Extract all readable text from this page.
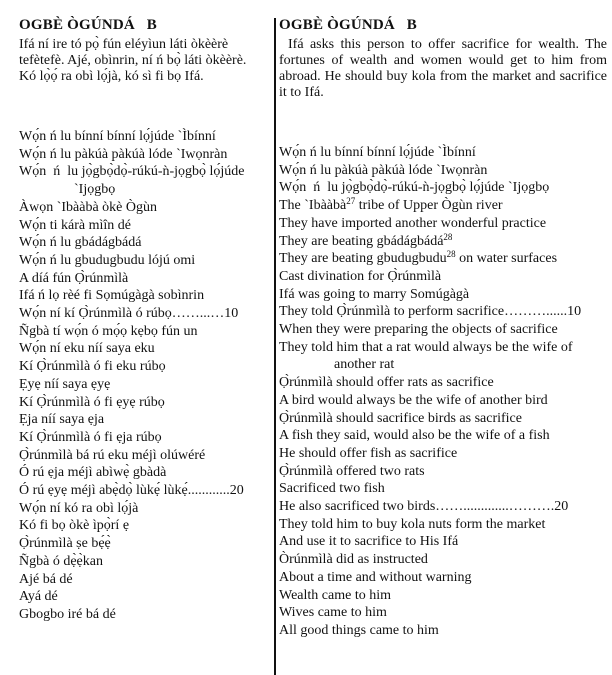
OGBÈ ÒGÚNDÁ   B
Ifá ní ire tó pọ̀ fún eléyìun láti òkèèrè
tefètefè. Ajé, obìnrin, ní ń bọ̀ láti òkèèrè.
Kó lọ̀ọ́ ra obì lọ́jà, kó sì fi bọ Ifá.
Wọ́n ń lu bínní bínní lọ́júde `Ìbínní
Wọ́n ń lu pàkúà pàkúà lóde `Iwọnràn
Wọ́n  ń  lu jọ̀gbọ̀dọ̀-rúkú-ǹ-jọgbọ̀ lọ́júde
`Ijọgbọ
Àwọn `Ibààbà òkè Ògùn
Wọ́n ti kárà mìîn dé
Wọ́n ń lu gbádágbádá
Wọ́n ń lu gbudugbudu lójú omi
A díá fún Ọ̀rúnmìlà
Ifá ń lọ rèé fi Sọmúgàgà sobìnrin
Wọ́n ní kí Ọ̀rúnmìlà ó rúbọ……...…10
Ñgbà tí wọ́n ó mọ́ọ kẹbọ fún un
Wọ́n ní eku níí saya eku
Kí Ọ̀rúnmìlà ó fi eku rúbọ
Ẹyẹ níí saya ẹyẹ
Kí Ọ̀rúnmìlà ó fi ẹyẹ rúbọ
Ẹja níí saya ẹja
Kí Ọ̀rúnmìlà ó fi ẹja rúbọ
Ọ̀rúnmìlà bá rú eku méjì olúwéré
Ó rú ẹja méjì abìwẹ̀ gbàdà
Ó rú ẹyẹ méjì abẹ̀dọ̀ lùkẹ́ lùkẹ́............20
Wọ́n ní kó ra obì lọ́jà
Kó fi bọ òkè ìpọ̀rí ẹ
Ọ̀rúnmìlà ṣe bẹ́ẹ̀
Ñgbà ó dẹ̀ẹ̀kan
Ajé bá dé
Ayá dé
Gbogbo iré bá dé
OGBÈ ÒGÚNDÁ   B
Ifá asks this person to offer sacrifice for wealth. The fortunes of wealth and women would get to him from abroad. He should buy kola from the market and sacrifice it to Ifá.
Wọ́n ń lu bínní bínní lọ́júde `Ìbínní
Wọ́n ń lu pàkúà pàkúà lóde `Iwọnràn
Wọ́n  ń  lu jọ̀gbọ̀dọ̀-rúkú-ǹ-jọgbọ̀ lọ́júde `Ijọgbọ
The `Ibààbà$^{27}$ tribe of Upper Ògùn river
They have imported another wonderful practice
They are beating gbádágbádá$^{28}$
They are beating gbudugbudu$^{28}$ on water surfaces
Cast divination for Ọ̀rúnmìlà
Ifá was going to marry Somúgàgà
They told Ọ̀rúnmìlà to perform sacrifice………......10
When they were preparing the objects of sacrifice
They told him that a rat would always be the wife of
another rat
Ọ̀rúnmìlà should offer rats as sacrifice
A bird would always be the wife of another bird
Ọ̀rúnmìlà should sacrifice birds as sacrifice
A fish they said, would also be the wife of a fish
He should offer fish as sacrifice
Ọ̀rúnmìlà offered two rats
Sacrificed two fish
He also sacrificed two birds…….............……….20
They told him to buy kola nuts form the market
And use it to sacrifice to His Ifá
Òrúnmìlà did as instructed
About a time and without warning
Wealth came to him
Wives came to him
All good things came to him
